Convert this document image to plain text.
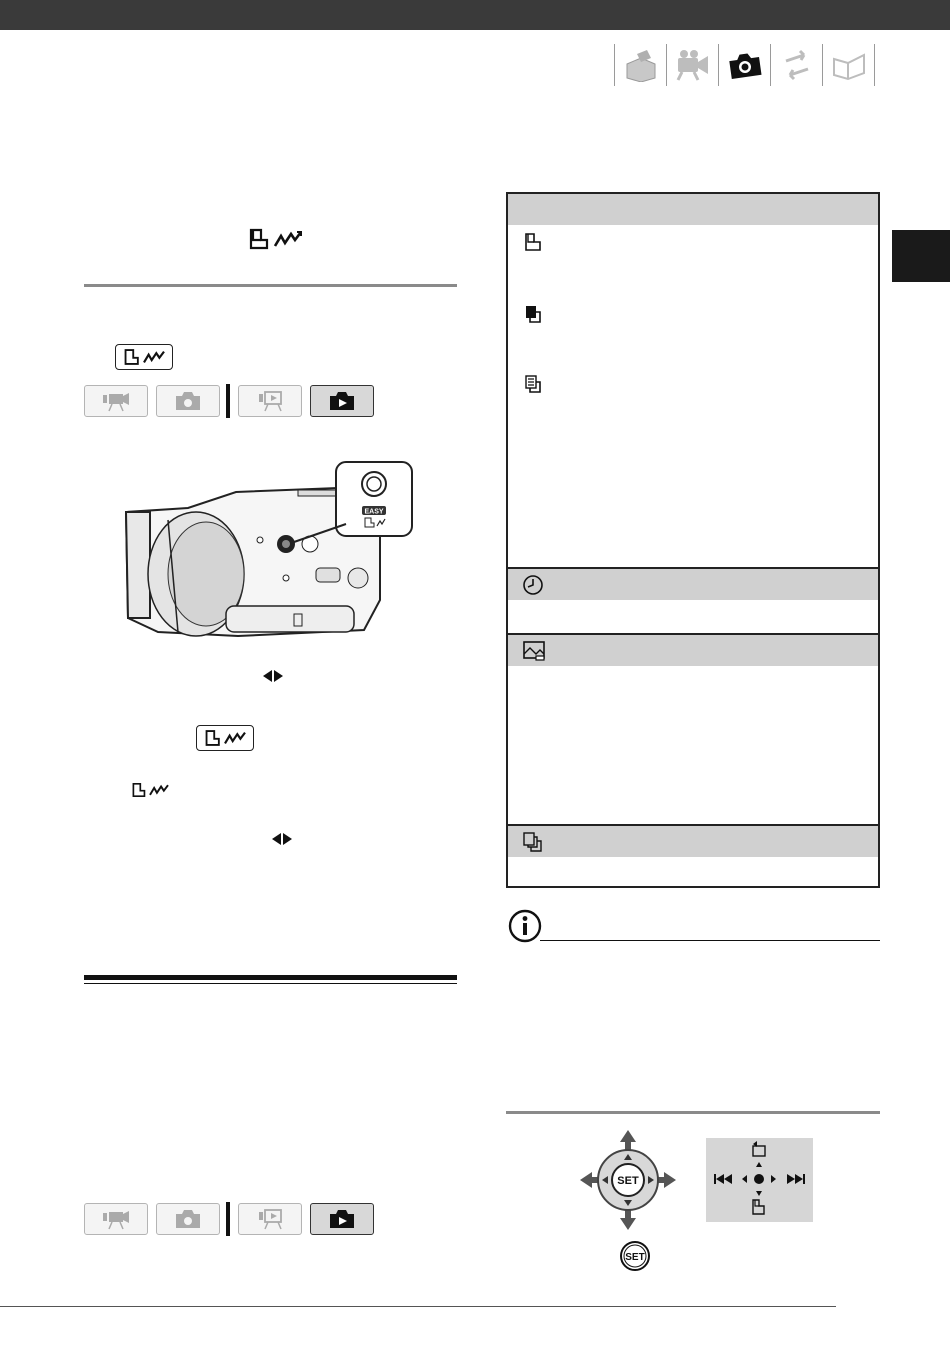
EASY
SET
SET
